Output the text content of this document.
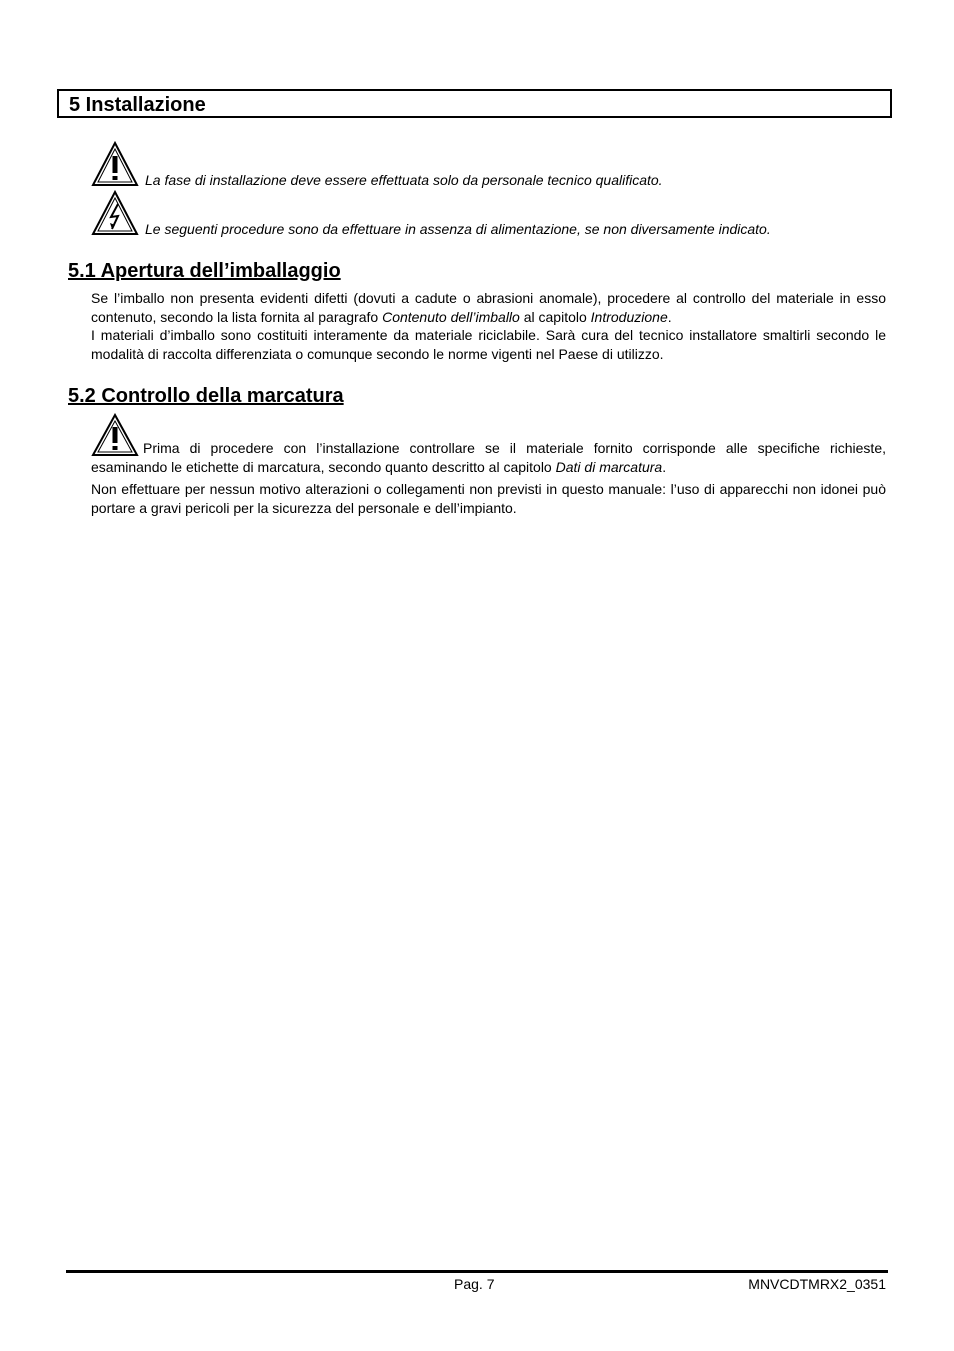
5 Installazione
La fase di installazione deve essere effettuata solo da personale tecnico qualificato.
Le seguenti procedure sono da effettuare in assenza di alimentazione, se non diversamente indicato.
5.1 Apertura dell’imballaggio

Se l’imballo non presenta evidenti difetti (dovuti a cadute o abrasioni anomale), procedere al controllo del materiale in esso contenuto, secondo la lista fornita al paragrafo Contenuto dell’imballo al capitolo Introduzione.

I materiali d’imballo sono costituiti interamente da materiale riciclabile. Sarà cura del tecnico installatore smaltirli secondo le modalità di raccolta differenziata o comunque secondo le norme vigenti nel Paese di utilizzo.

5.2 Controllo della marcatura

Prima di procedere con l’installazione controllare se il materiale fornito corrisponde alle specifiche richieste, esaminando le etichette di marcatura, secondo quanto descritto al capitolo Dati di marcatura.

Non effettuare per nessun motivo alterazioni o collegamenti non previsti in questo manuale: l’uso di apparecchi non idonei può portare a gravi pericoli per la sicurezza del personale e dell’impianto.

Pag. 7	MNVCDTMRX2_0351
